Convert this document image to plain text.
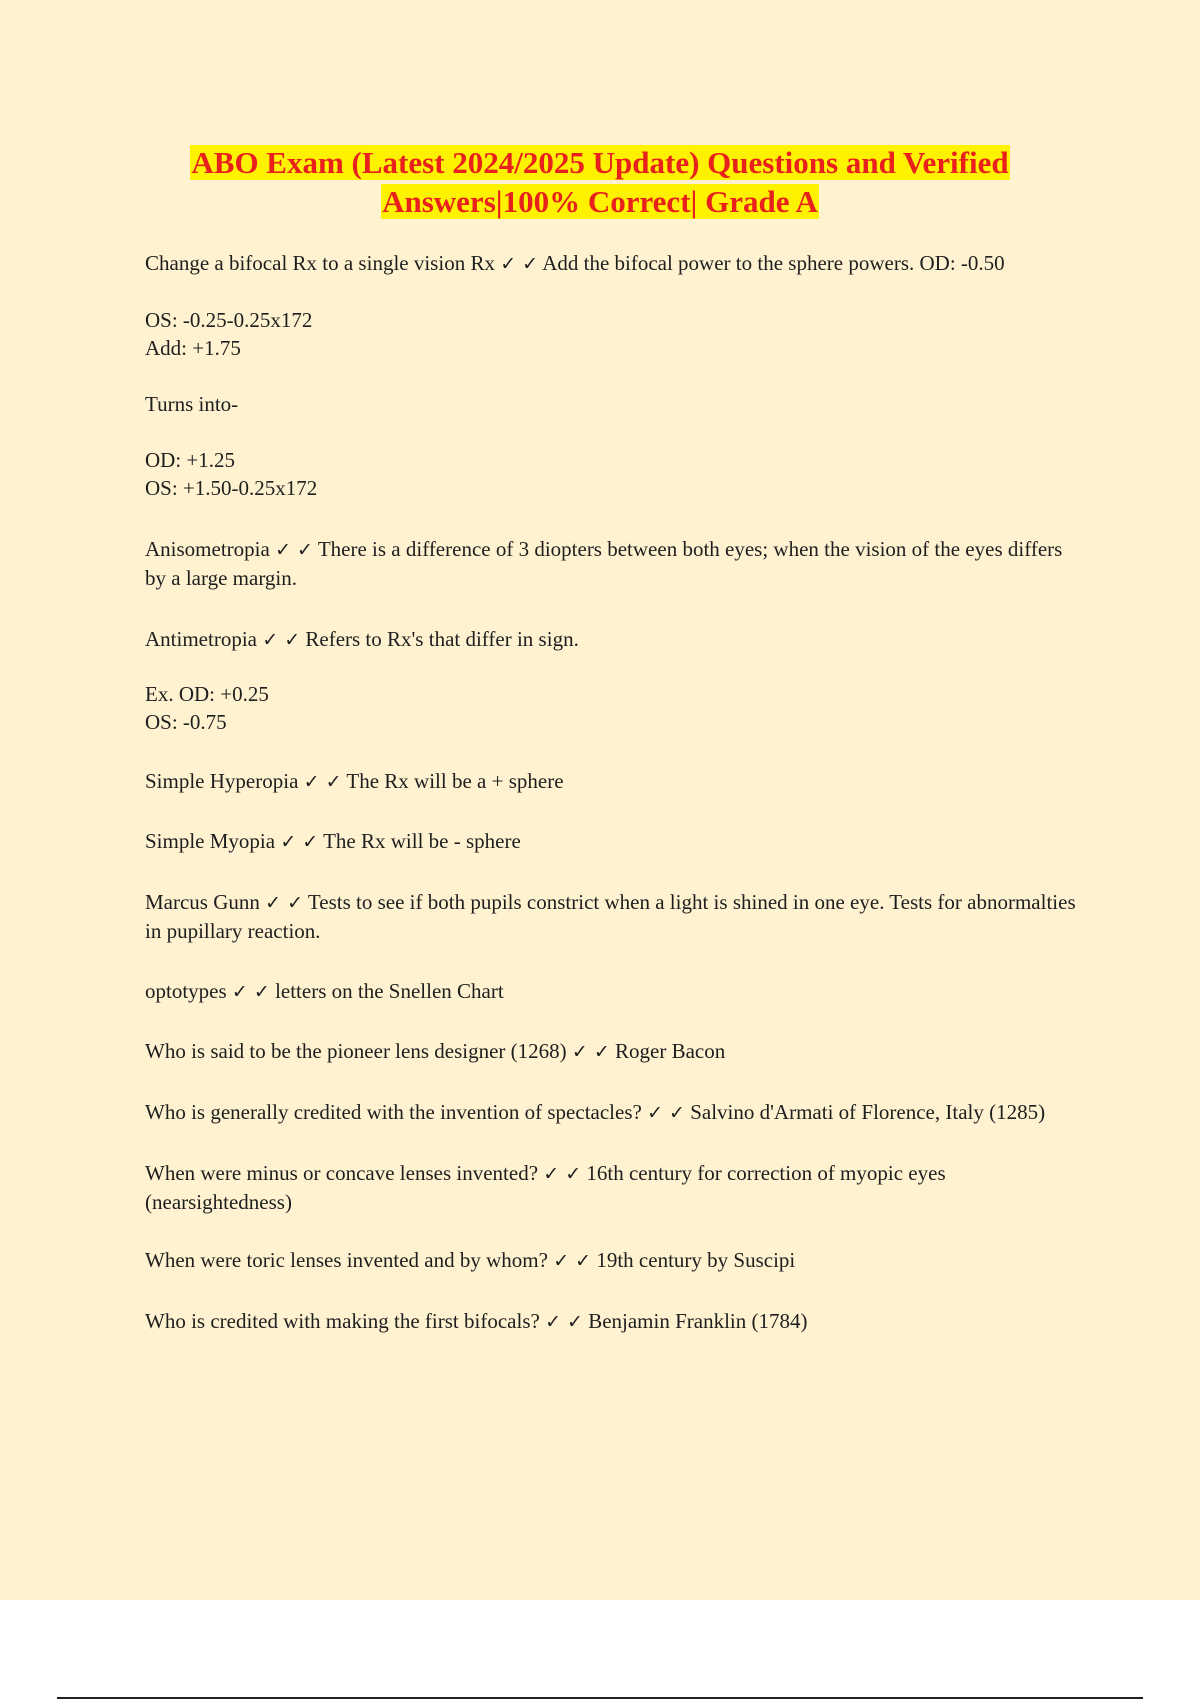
ABO Exam (Latest 2024/2025 Update) Questions and Verified
Answers|100% Correct| Grade A

Change a bifocal Rx to a single vision Rx ✓ ✓ Add the bifocal power to the sphere powers. OD: -0.50

OS: -0.25-0.25x172
Add: +1.75

Turns into-

OD: +1.25
OS: +1.50-0.25x172

Anisometropia ✓ ✓ There is a difference of 3 diopters between both eyes; when the vision of the eyes differs by a large margin.

Antimetropia ✓ ✓ Refers to Rx's that differ in sign.

Ex. OD: +0.25
OS: -0.75

Simple Hyperopia ✓ ✓ The Rx will be a + sphere

Simple Myopia ✓ ✓ The Rx will be - sphere

Marcus Gunn ✓ ✓ Tests to see if both pupils constrict when a light is shined in one eye. Tests for abnormalties in pupillary reaction.

optotypes ✓ ✓ letters on the Snellen Chart

Who is said to be the pioneer lens designer (1268) ✓ ✓ Roger Bacon

Who is generally credited with the invention of spectacles? ✓ ✓ Salvino d'Armati of Florence, Italy (1285)

When were minus or concave lenses invented? ✓ ✓ 16th century for correction of myopic eyes (nearsightedness)

When were toric lenses invented and by whom? ✓ ✓ 19th century by Suscipi

Who is credited with making the first bifocals? ✓ ✓ Benjamin Franklin (1784)
